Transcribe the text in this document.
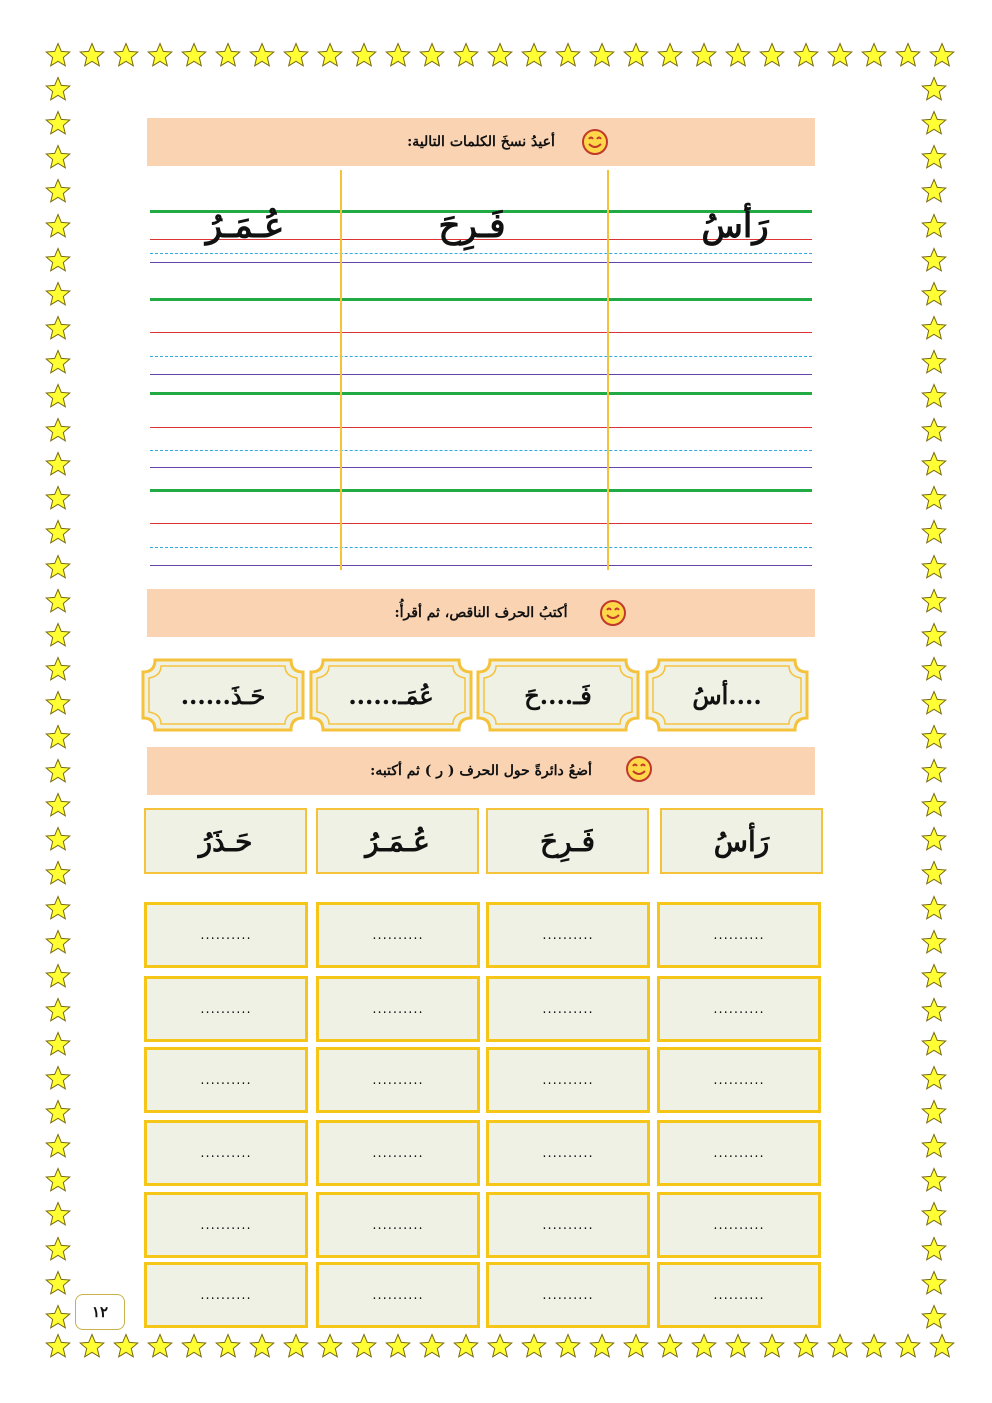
أعيدُ نسخَ الكلمات التالية:
رَأسُ
فَـرِحَ
عُـمَـرُ
أكتبُ الحرف الناقص، ثم أقرأُ:
....أسُ
فَـ....حَ
عُمَـ......
حَـذَ......
أضعُ دائرةً حول الحرف ( ر ) ثم أكتبه:
رَأسُ
فَـرِحَ
عُـمَـرُ
حَـذَرُ
..........
..........
..........
..........
..........
..........
..........
..........
..........
..........
..........
..........
..........
..........
..........
..........
..........
..........
..........
..........
..........
..........
..........
..........
١٢
